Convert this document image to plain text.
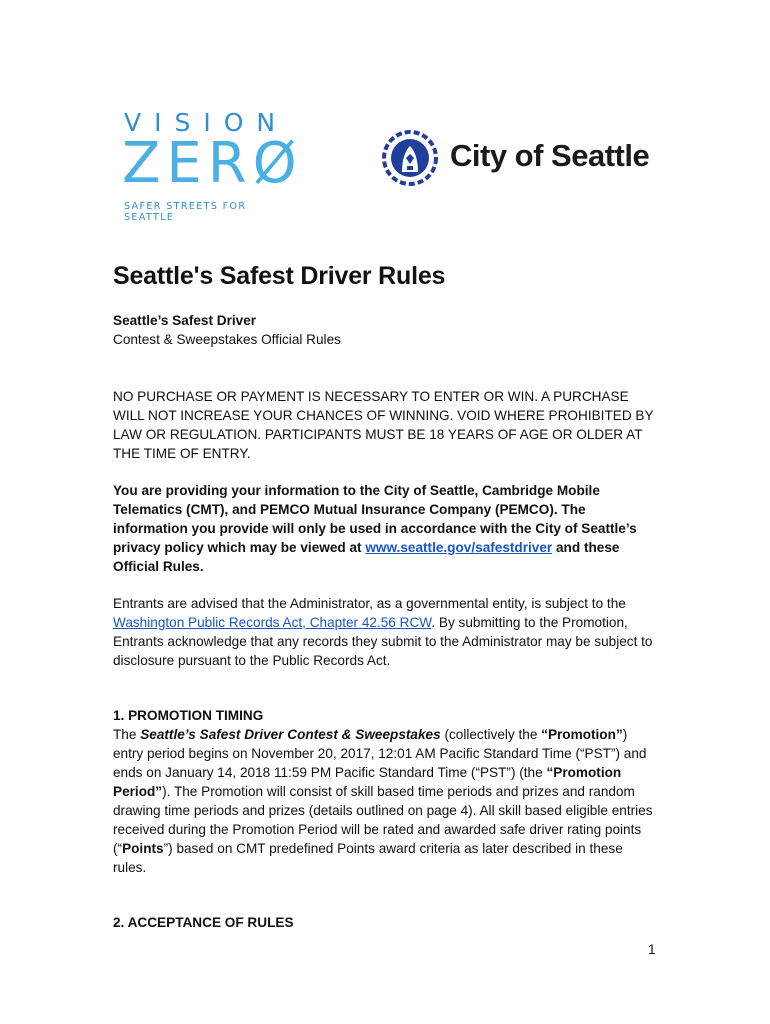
VISION
ZERØ
SAFER STREETS FOR SEATTLE
City of Seattle
Seattle's Safest Driver Rules

Seattle’s Safest Driver

Contest & Sweepstakes Official Rules

NO PURCHASE OR PAYMENT IS NECESSARY TO ENTER OR WIN. A PURCHASE WILL NOT INCREASE YOUR CHANCES OF WINNING. VOID WHERE PROHIBITED BY LAW OR REGULATION. PARTICIPANTS MUST BE 18 YEARS OF AGE OR OLDER AT THE TIME OF ENTRY.

You are providing your information to the City of Seattle, Cambridge Mobile Telematics (CMT), and PEMCO Mutual Insurance Company (PEMCO). The information you provide will only be used in accordance with the City of Seattle’s privacy policy which may be viewed at www.seattle.gov/safestdriver and these Official Rules.

Entrants are advised that the Administrator, as a governmental entity, is subject to the Washington Public Records Act, Chapter 42.56 RCW. By submitting to the Promotion, Entrants acknowledge that any records they submit to the Administrator may be subject to disclosure pursuant to the Public Records Act.

1. PROMOTION TIMING

The Seattle’s Safest Driver Contest & Sweepstakes (collectively the “Promotion”) entry period begins on November 20, 2017, 12:01 AM Pacific Standard Time (“PST”) and ends on January 14, 2018 11:59 PM Pacific Standard Time (“PST”) (the “Promotion Period”). The Promotion will consist of skill based time periods and prizes and random drawing time periods and prizes (details outlined on page 4). All skill based eligible entries received during the Promotion Period will be rated and awarded safe driver rating points (“Points”) based on CMT predefined Points award criteria as later described in these rules.

2. ACCEPTANCE OF RULES

1
